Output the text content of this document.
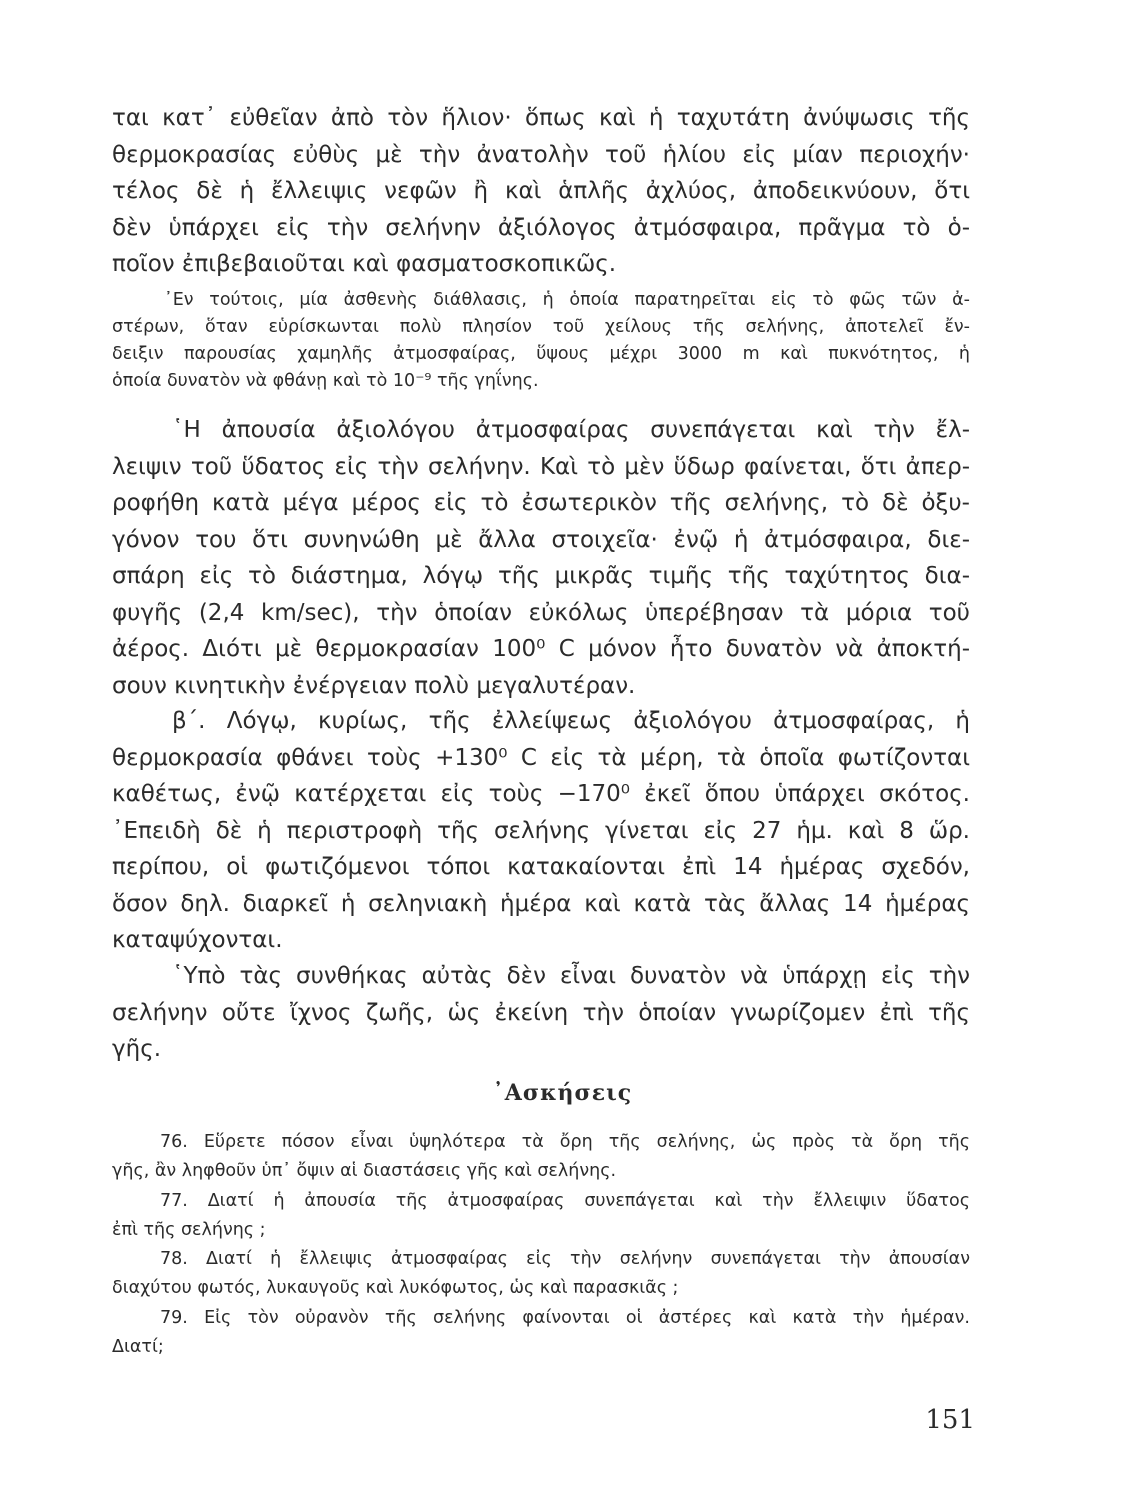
ται κατ᾽ εὐθεῖαν ἀπὸ τὸν ἥλιον· ὅπως καὶ ἡ ταχυτάτη ἀνύψωσις τῆς
θερμοκρασίας εὐθὺς μὲ τὴν ἀνατολὴν τοῦ ἡλίου εἰς μίαν περιοχήν·
τέλος δὲ ἡ ἔλλειψις νεφῶν ἢ καὶ ἁπλῆς ἀχλύος, ἀποδεικνύουν, ὅτι
δὲν ὑπάρχει εἰς τὴν σελήνην ἀξιόλογος ἀτμόσφαιρα, πρᾶγμα τὸ ὁ-
ποῖον ἐπιβεβαιοῦται καὶ φασματοσκοπικῶς.
᾽Εν τούτοις, μία ἀσθενὴς διάθλασις, ἡ ὁποία παρατηρεῖται εἰς τὸ φῶς τῶν ἀ-
στέρων, ὅταν εὑρίσκωνται πολὺ πλησίον τοῦ χείλους τῆς σελήνης, ἀποτελεῖ ἔν-
δειξιν παρουσίας χαμηλῆς ἀτμοσφαίρας, ὕψους μέχρι 3000 m καὶ πυκνότητος, ἡ
ὁποία δυνατὸν νὰ φθάνῃ καὶ τὸ 10⁻⁹ τῆς γηΐνης.
῾Η ἀπουσία ἀξιολόγου ἀτμοσφαίρας συνεπάγεται καὶ τὴν ἔλ-
λειψιν τοῦ ὕδατος εἰς τὴν σελήνην. Καὶ τὸ μὲν ὕδωρ φαίνεται, ὅτι ἀπερ-
ροφήθη κατὰ μέγα μέρος εἰς τὸ ἐσωτερικὸν τῆς σελήνης, τὸ δὲ ὀξυ-
γόνον του ὅτι συνηνώθη μὲ ἄλλα στοιχεῖα· ἐνῷ ἡ ἀτμόσφαιρα, διε-
σπάρη εἰς τὸ διάστημα, λόγῳ τῆς μικρᾶς τιμῆς τῆς ταχύτητος δια-
φυγῆς (2,4 km/sec), τὴν ὁποίαν εὐκόλως ὑπερέβησαν τὰ μόρια τοῦ
ἀέρος. Διότι μὲ θερμοκρασίαν 100⁰ C μόνον ἦτο δυνατὸν νὰ ἀποκτή-
σουν κινητικὴν ἐνέργειαν πολὺ μεγαλυτέραν.
β΄. Λόγῳ, κυρίως, τῆς ἐλλείψεως ἀξιολόγου ἀτμοσφαίρας, ἡ
θερμοκρασία φθάνει τοὺς +130⁰ C εἰς τὰ μέρη, τὰ ὁποῖα φωτίζονται
καθέτως, ἐνῷ κατέρχεται εἰς τοὺς −170⁰ ἐκεῖ ὅπου ὑπάρχει σκότος.
᾽Επειδὴ δὲ ἡ περιστροφὴ τῆς σελήνης γίνεται εἰς 27 ἡμ. καὶ 8 ὥρ.
περίπου, οἱ φωτιζόμενοι τόποι κατακαίονται ἐπὶ 14 ἡμέρας σχεδόν,
ὅσον δηλ. διαρκεῖ ἡ σεληνιακὴ ἡμέρα καὶ κατὰ τὰς ἄλλας 14 ἡμέρας
καταψύχονται.
῾Υπὸ τὰς συνθήκας αὐτὰς δὲν εἶναι δυνατὸν νὰ ὑπάρχῃ εἰς τὴν
σελήνην οὔτε ἴχνος ζωῆς, ὡς ἐκείνη τὴν ὁποίαν γνωρίζομεν ἐπὶ τῆς
γῆς.
᾽Ασκήσεις
76. Εὕρετε πόσον εἶναι ὑψηλότερα τὰ ὄρη τῆς σελήνης, ὡς πρὸς τὰ ὄρη τῆς
γῆς, ἂν ληφθοῦν ὑπ᾽ ὄψιν αἱ διαστάσεις γῆς καὶ σελήνης.
77. Διατί ἡ ἀπουσία τῆς ἀτμοσφαίρας συνεπάγεται καὶ τὴν ἔλλειψιν ὕδατος
ἐπὶ τῆς σελήνης ;
78. Διατί ἡ ἔλλειψις ἀτμοσφαίρας εἰς τὴν σελήνην συνεπάγεται τὴν ἀπουσίαν
διαχύτου φωτός, λυκαυγοῦς καὶ λυκόφωτος, ὡς καὶ παρασκιᾶς ;
79. Εἰς τὸν οὐρανὸν τῆς σελήνης φαίνονται οἱ ἀστέρες καὶ κατὰ τὴν ἡμέραν.
Διατί;
151
